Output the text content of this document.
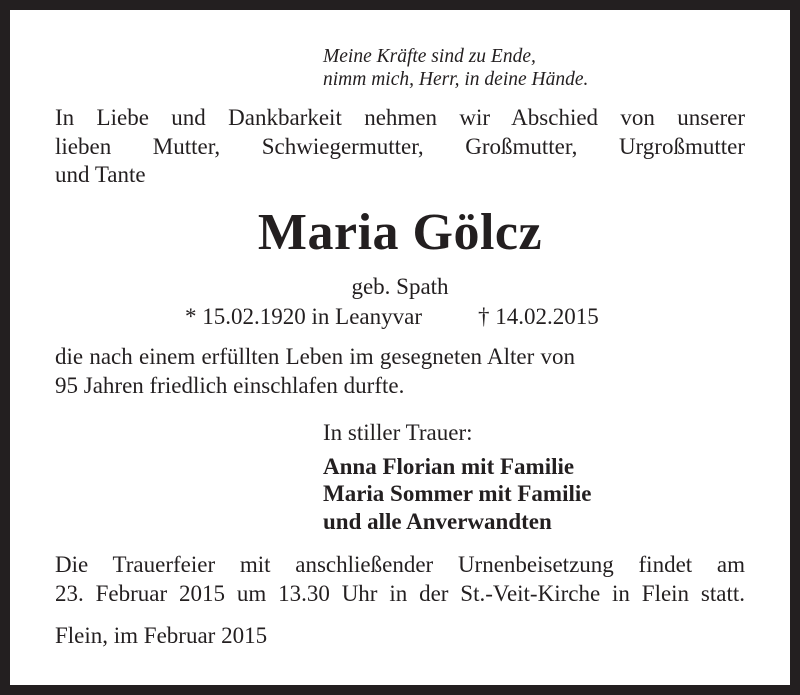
Meine Kräfte sind zu Ende,
nimm mich, Herr, in deine Hände.
In Liebe und Dankbarkeit nehmen wir Abschied von unserer
lieben Mutter, Schwiegermutter, Großmutter, Urgroßmutter
und Tante
Maria Gölcz
geb. Spath
* 15.02.1920 in Leanyvar † 14.02.2015
die nach einem erfüllten Leben im gesegneten Alter von
95 Jahren friedlich einschlafen durfte.
In stiller Trauer:
Anna Florian mit Familie
Maria Sommer mit Familie
und alle Anverwandten
Die Trauerfeier mit anschließender Urnenbeisetzung findet am
23. Februar 2015 um 13.30 Uhr in der St.-Veit-Kirche in Flein statt.
Flein, im Februar 2015
